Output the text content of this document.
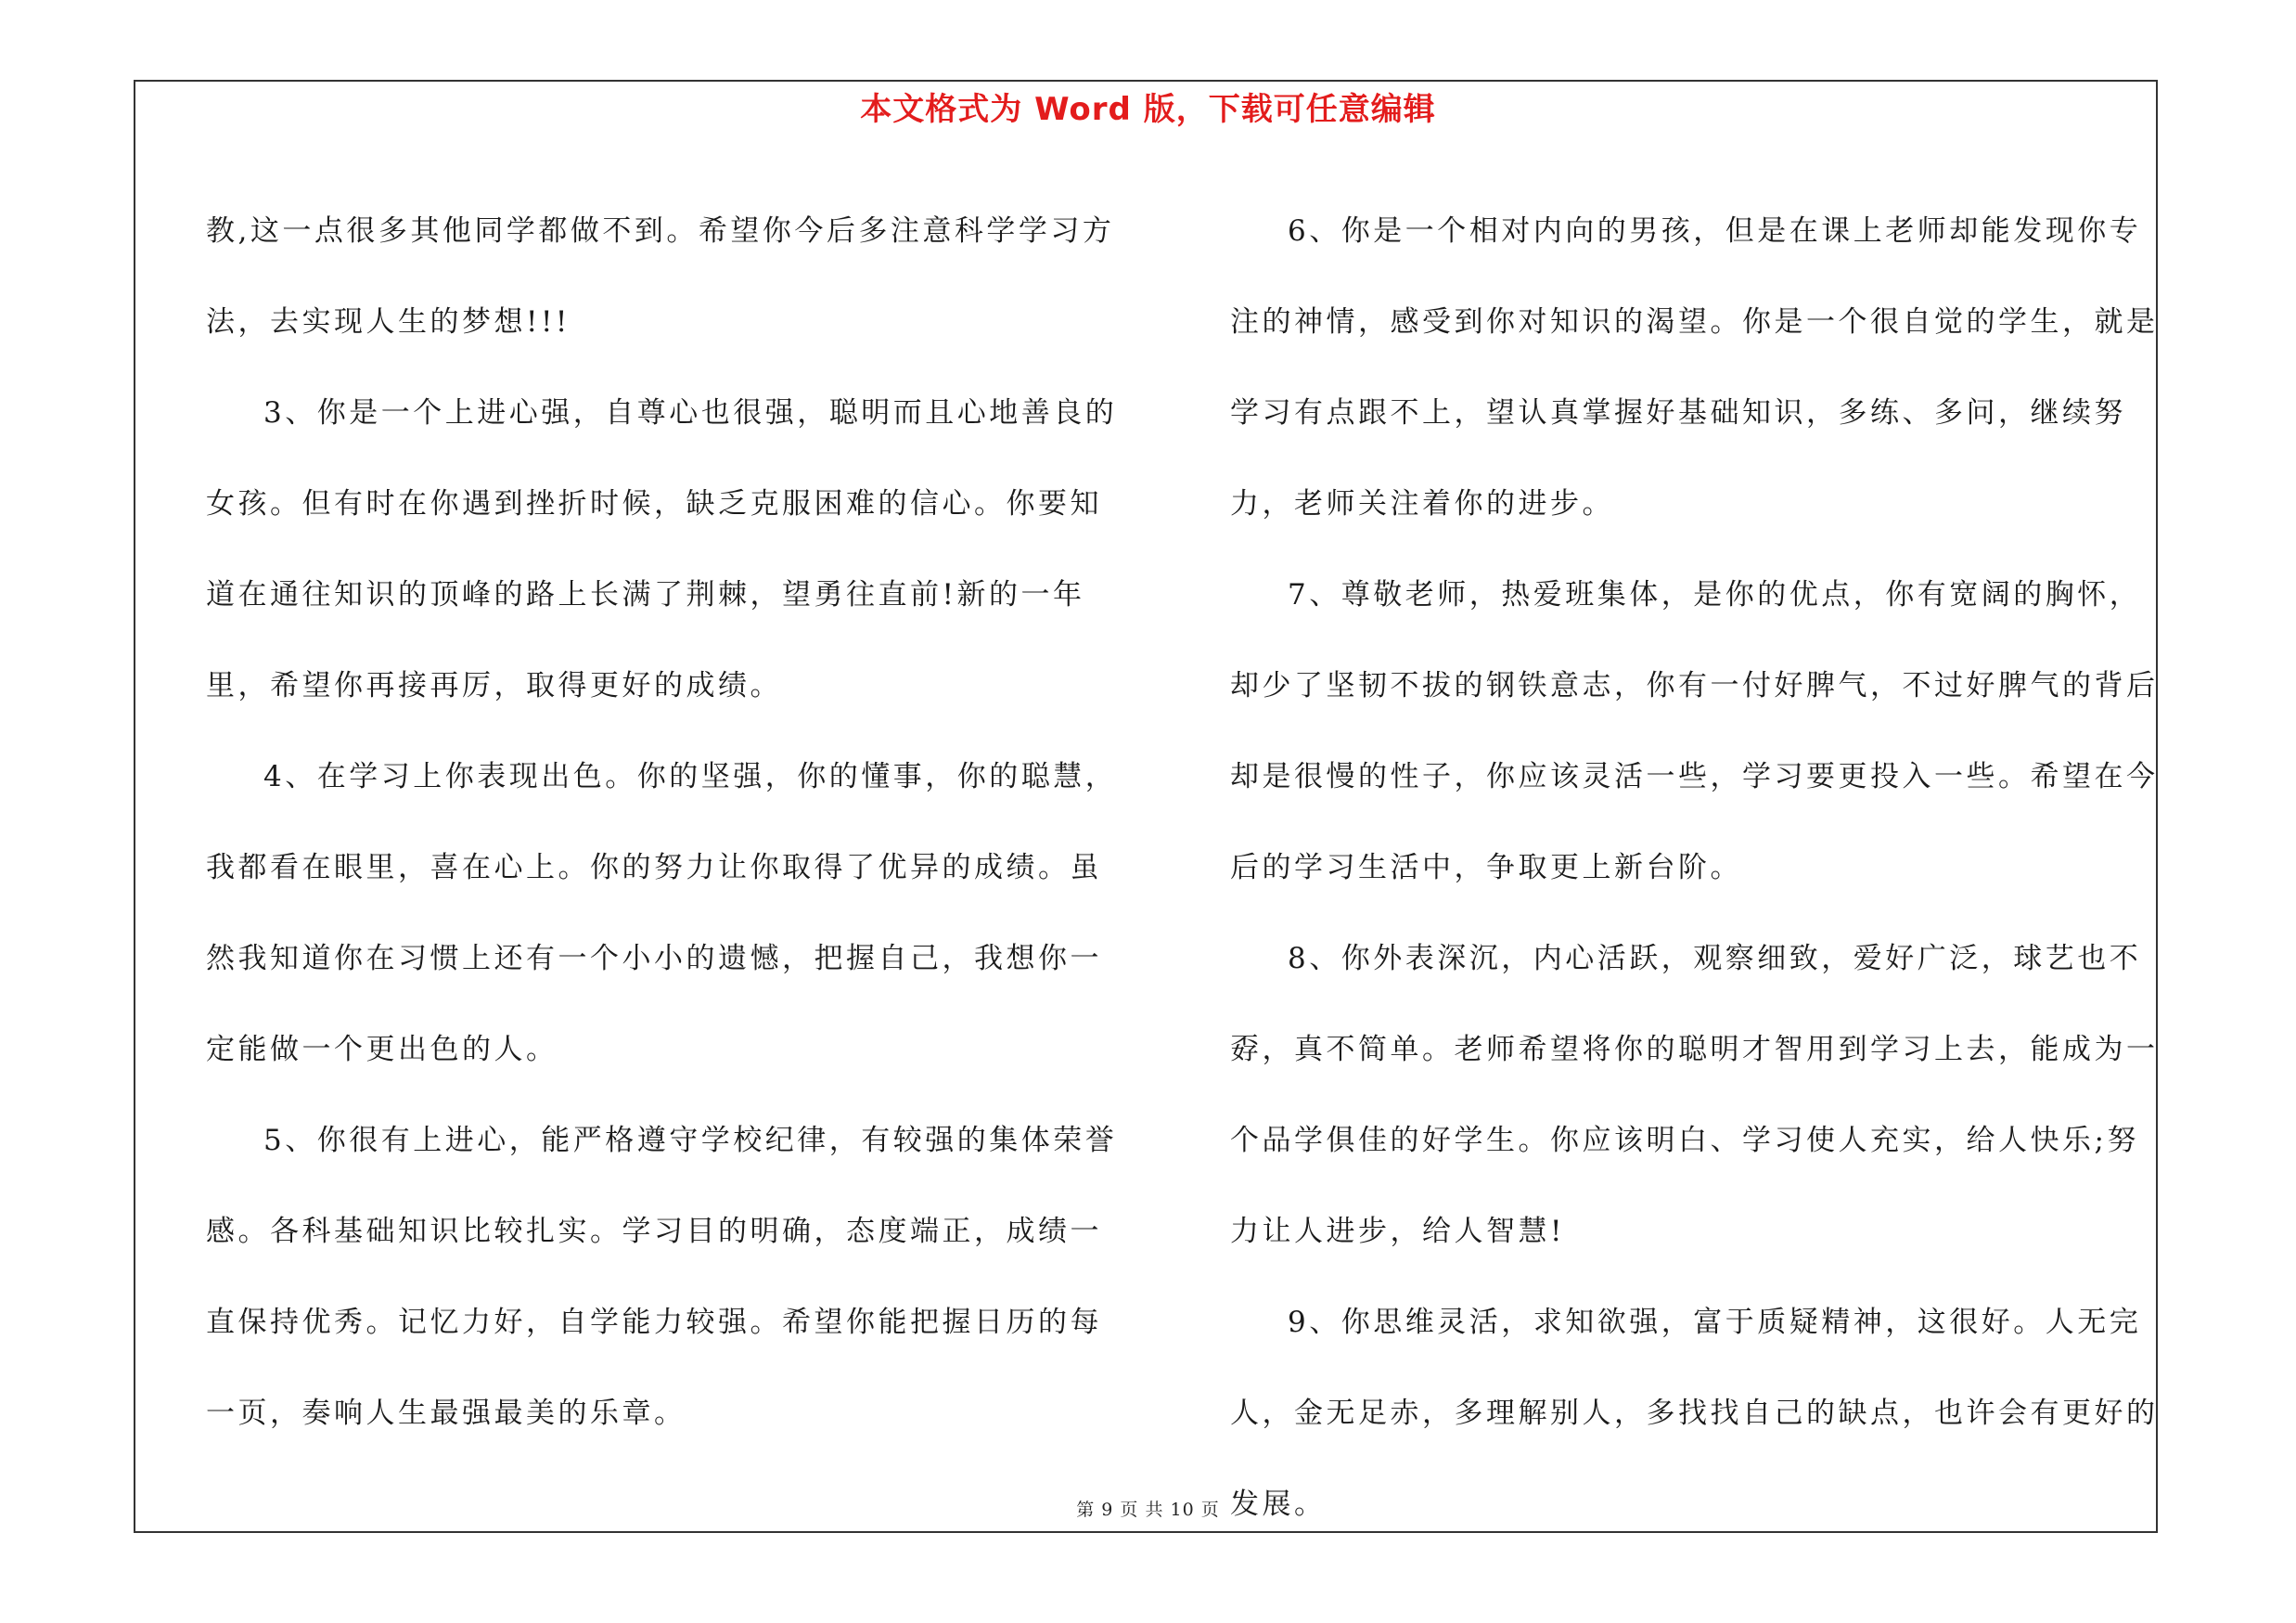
本文格式为 Word 版，下载可任意编辑

教,这一点很多其他同学都做不到。希望你今后多注意科学学习方法，去实现人生的梦想!!!

3、你是一个上进心强，自尊心也很强，聪明而且心地善良的女孩。但有时在你遇到挫折时候，缺乏克服困难的信心。你要知道在通往知识的顶峰的路上长满了荆棘，望勇往直前!新的一年里，希望你再接再厉，取得更好的成绩。

4、在学习上你表现出色。你的坚强，你的懂事，你的聪慧，我都看在眼里，喜在心上。你的努力让你取得了优异的成绩。虽然我知道你在习惯上还有一个小小的遗憾，把握自己，我想你一定能做一个更出色的人。

5、你很有上进心，能严格遵守学校纪律，有较强的集体荣誉感。各科基础知识比较扎实。学习目的明确，态度端正，成绩一直保持优秀。记忆力好，自学能力较强。希望你能把握日历的每一页，奏响人生最强最美的乐章。

6、你是一个相对内向的男孩，但是在课上老师却能发现你专注的神情，感受到你对知识的渴望。你是一个很自觉的学生，就是学习有点跟不上，望认真掌握好基础知识，多练、多问，继续努力，老师关注着你的进步。

7、尊敬老师，热爱班集体，是你的优点，你有宽阔的胸怀，却少了坚韧不拔的钢铁意志，你有一付好脾气，不过好脾气的背后却是很慢的性子，你应该灵活一些，学习要更投入一些。希望在今后的学习生活中，争取更上新台阶。

8、你外表深沉，内心活跃，观察细致，爱好广泛，球艺也不孬，真不简单。老师希望将你的聪明才智用到学习上去，能成为一个品学俱佳的好学生。你应该明白、学习使人充实，给人快乐;努力让人进步，给人智慧!

9、你思维灵活，求知欲强，富于质疑精神，这很好。人无完人，金无足赤，多理解别人，多找找自己的缺点，也许会有更好的发展。

第 9 页 共 10 页
